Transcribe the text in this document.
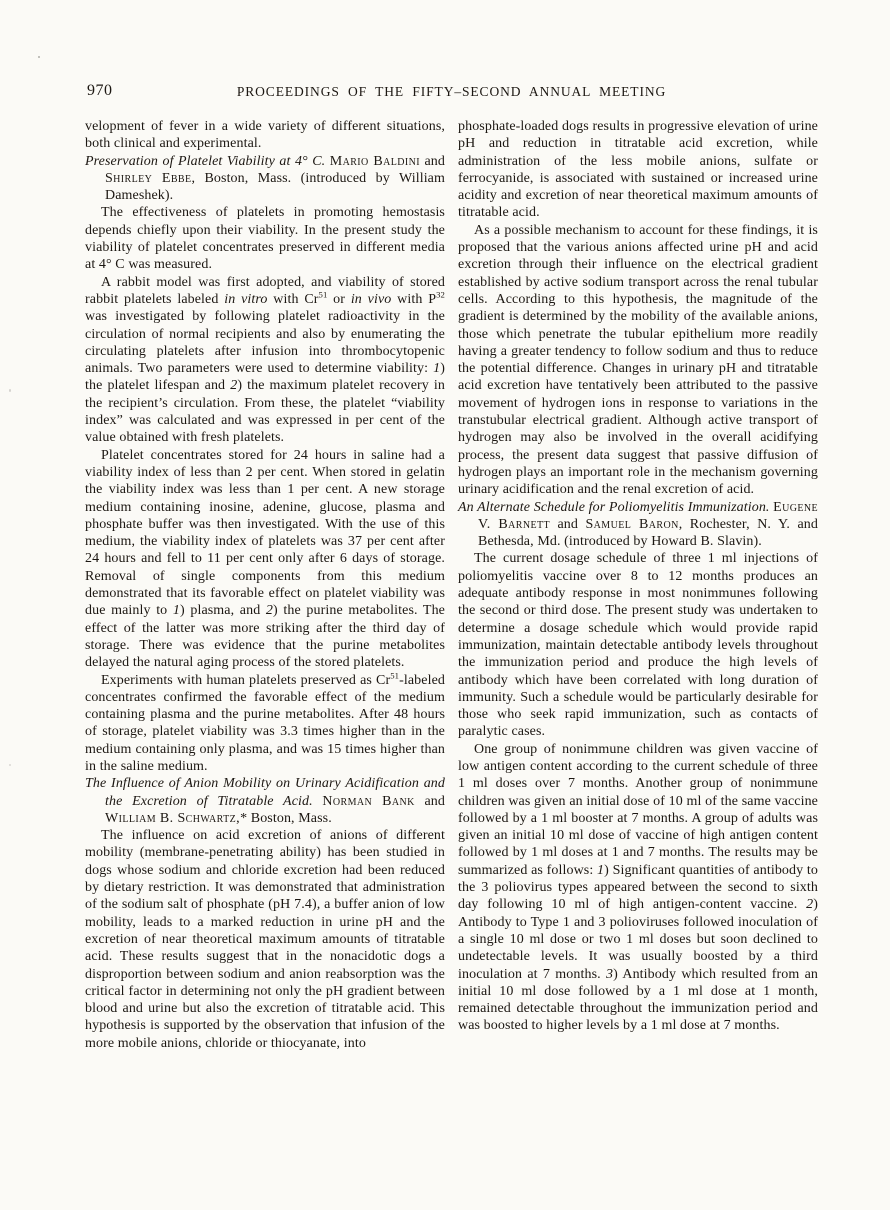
970	PROCEEDINGS OF THE FIFTY–SECOND ANNUAL MEETING
velopment of fever in a wide variety of different situations, both clinical and experimental.
Preservation of Platelet Viability at 4° C. Mario Baldini and Shirley Ebbe, Boston, Mass. (introduced by William Dameshek).
The effectiveness of platelets in promoting hemostasis depends chiefly upon their viability. In the present study the viability of platelet concentrates preserved in different media at 4° C was measured.
A rabbit model was first adopted, and viability of stored rabbit platelets labeled in vitro with Cr$^{51}$ or in vivo with $P^{32}$ was investigated by following platelet radioactivity in the circulation of normal recipients and also by enumerating the circulating platelets after infusion into thrombocytopenic animals. Two parameters were used to determine viability: 1) the platelet lifespan and 2) the maximum platelet recovery in the recipient’s circulation. From these, the platelet “viability index” was calculated and was expressed in per cent of the value obtained with fresh platelets.
Platelet concentrates stored for 24 hours in saline had a viability index of less than 2 per cent. When stored in gelatin the viability index was less than 1 per cent. A new storage medium containing inosine, adenine, glucose, plasma and phosphate buffer was then investigated. With the use of this medium, the viability index of platelets was 37 per cent after 24 hours and fell to 11 per cent only after 6 days of storage. Removal of single components from this medium demonstrated that its favorable effect on platelet viability was due mainly to 1) plasma, and 2) the purine metabolites. The effect of the latter was more striking after the third day of storage. There was evidence that the purine metabolites delayed the natural aging process of the stored platelets.
Experiments with human platelets preserved as Cr$^{51}$-labeled concentrates confirmed the favorable effect of the medium containing plasma and the purine metabolites. After 48 hours of storage, platelet viability was 3.3 times higher than in the medium containing only plasma, and was 15 times higher than in the saline medium.
The Influence of Anion Mobility on Urinary Acidification and the Excretion of Titratable Acid. Norman Bank and William B. Schwartz,* Boston, Mass.
The influence on acid excretion of anions of different mobility (membrane-penetrating ability) has been studied in dogs whose sodium and chloride excretion had been reduced by dietary restriction. It was demonstrated that administration of the sodium salt of phosphate (pH 7.4), a buffer anion of low mobility, leads to a marked reduction in urine pH and the excretion of near theoretical maximum amounts of titratable acid. These results suggest that in the nonacidotic dogs a disproportion between sodium and anion reabsorption was the critical factor in determining not only the pH gradient between blood and urine but also the excretion of titratable acid. This hypothesis is supported by the observation that infusion of the more mobile anions, chloride or thiocyanate, into
phosphate-loaded dogs results in progressive elevation of urine pH and reduction in titratable acid excretion, while administration of the less mobile anions, sulfate or ferrocyanide, is associated with sustained or increased urine acidity and excretion of near theoretical maximum amounts of titratable acid.
As a possible mechanism to account for these findings, it is proposed that the various anions affected urine pH and acid excretion through their influence on the electrical gradient established by active sodium transport across the renal tubular cells. According to this hypothesis, the magnitude of the gradient is determined by the mobility of the available anions, those which penetrate the tubular epithelium more readily having a greater tendency to follow sodium and thus to reduce the potential difference. Changes in urinary pH and titratable acid excretion have tentatively been attributed to the passive movement of hydrogen ions in response to variations in the transtubular electrical gradient. Although active transport of hydrogen may also be involved in the overall acidifying process, the present data suggest that passive diffusion of hydrogen plays an important role in the mechanism governing urinary acidification and the renal excretion of acid.
An Alternate Schedule for Poliomyelitis Immunization. Eugene V. Barnett and Samuel Baron, Rochester, N. Y. and Bethesda, Md. (introduced by Howard B. Slavin).
The current dosage schedule of three 1 ml injections of poliomyelitis vaccine over 8 to 12 months produces an adequate antibody response in most nonimmunes following the second or third dose. The present study was undertaken to determine a dosage schedule which would provide rapid immunization, maintain detectable antibody levels throughout the immunization period and produce the high levels of antibody which have been correlated with long duration of immunity. Such a schedule would be particularly desirable for those who seek rapid immunization, such as contacts of paralytic cases.
One group of nonimmune children was given vaccine of low antigen content according to the current schedule of three 1 ml doses over 7 months. Another group of nonimmune children was given an initial dose of 10 ml of the same vaccine followed by a 1 ml booster at 7 months. A group of adults was given an initial 10 ml dose of vaccine of high antigen content followed by 1 ml doses at 1 and 7 months. The results may be summarized as follows: 1) Significant quantities of antibody to the 3 poliovirus types appeared between the second to sixth day following 10 ml of high antigen-content vaccine. 2) Antibody to Type 1 and 3 polioviruses followed inoculation of a single 10 ml dose or two 1 ml doses but soon declined to undetectable levels. It was usually boosted by a third inoculation at 7 months. 3) Antibody which resulted from an initial 10 ml dose followed by a 1 ml dose at 1 month, remained detectable throughout the immunization period and was boosted to higher levels by a 1 ml dose at 7 months.
